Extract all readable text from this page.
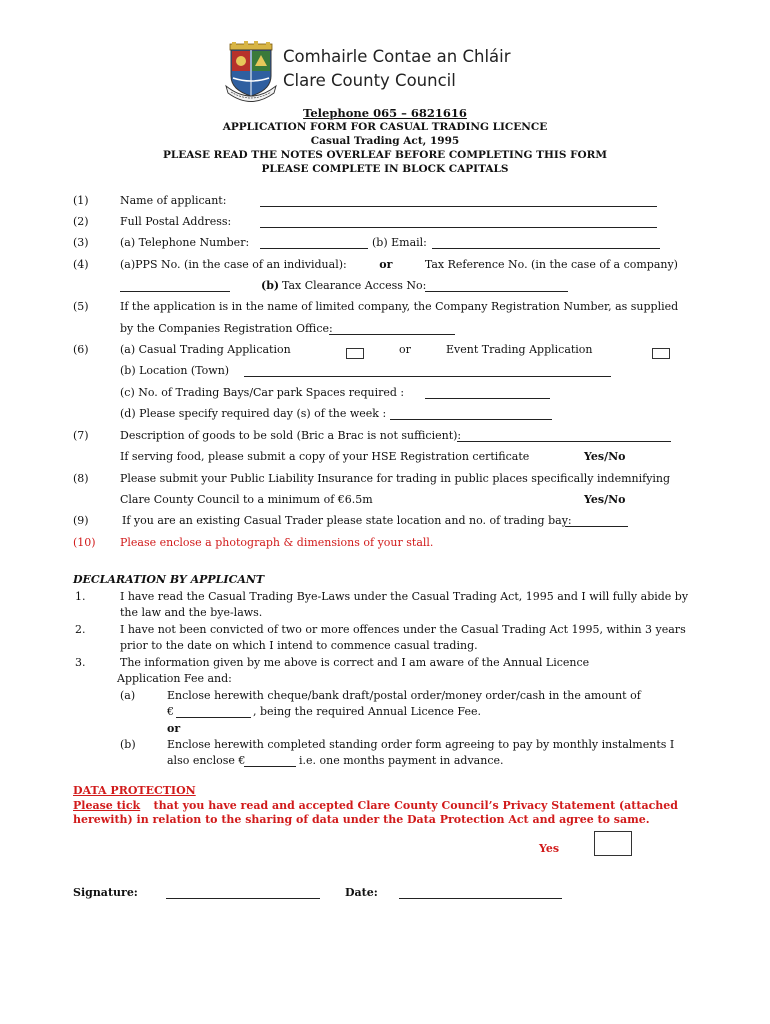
Comhairle Contae an Chláir
Clare County Council
Telephone 065 – 6821616
APPLICATION FORM FOR CASUAL TRADING LICENCE
Casual Trading Act, 1995
PLEASE READ THE NOTES OVERLEAF BEFORE COMPLETING THIS FORM
PLEASE COMPLETE IN BLOCK CAPITALS
(1)	Name of applicant:
(2)	Full Postal Address:
(3)	(a) Telephone Number:	(b) Email:
(4)	(a)PPS No. (in the case of an individual):	or	Tax Reference No. (in the case of a company)
(b) Tax Clearance Access No:
(5)	If the application is in the name of limited company, the Company Registration Number, as supplied
by the Companies Registration Office:
(6)	(a) Casual Trading Application	or	Event Trading Application
(b) Location (Town)
(c) No. of Trading Bays/Car park Spaces required :
(d) Please specify required day (s) of the week :
(7)	Description of goods to be sold (Bric a Brac is not sufficient):
If serving food, please submit a copy of your HSE Registration certificate	Yes/No
(8)	Please submit your Public Liability Insurance for trading in public places specifically indemnifying
Clare County Council to a minimum of €6.5m	Yes/No
(9)	If you are an existing Casual Trader please state location and no. of trading bay:
(10) Please enclose a photograph & dimensions of your stall.
DECLARATION BY APPLICANT
1.	I have read the Casual Trading Bye-Laws under the Casual Trading Act, 1995 and I will fully abide by
the law and the bye-laws.
2.	I have not been convicted of two or more offences under the Casual Trading Act 1995, within 3 years
prior to the date on which I intend to commence casual trading.
3.	The information given by me above is correct and I am aware of the Annual Licence
Application Fee and:
(a)	Enclose herewith cheque/bank draft/postal order/money order/cash in the amount of
€	, being the required Annual Licence Fee.
or
(b)	Enclose herewith completed standing order form agreeing to pay by monthly instalments I
also enclose €	i.e. one months payment in advance.
DATA PROTECTION
Please tick that you have read and accepted Clare County Council’s Privacy Statement (attached
herewith) in relation to the sharing of data under the Data Protection Act and agree to same.
Yes
Signature:	Date:
